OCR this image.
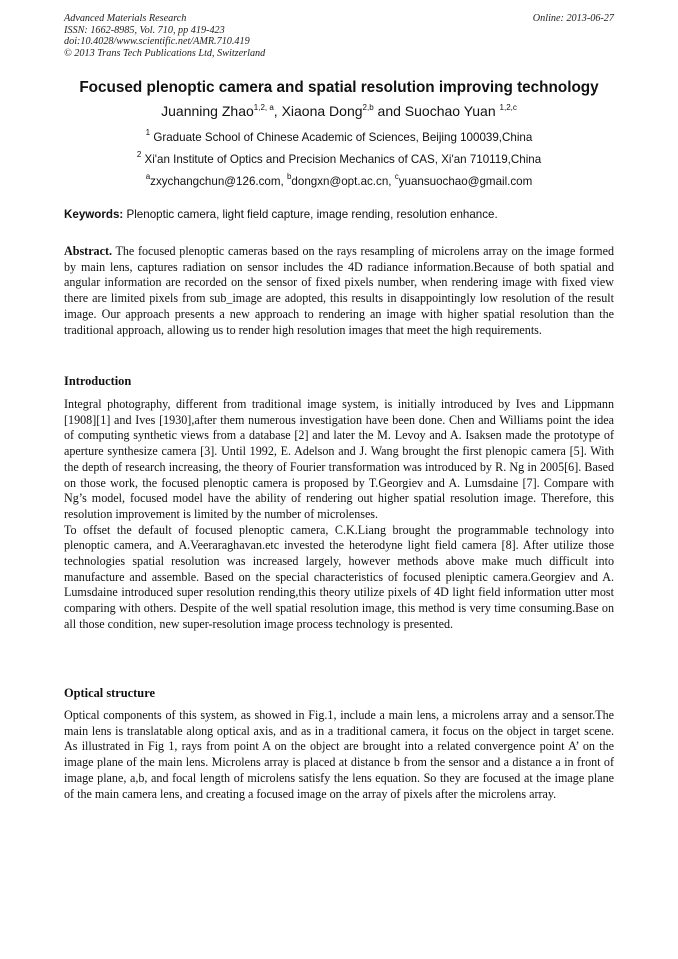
Advanced Materials Research
ISSN: 1662-8985, Vol. 710, pp 419-423
doi:10.4028/www.scientific.net/AMR.710.419
© 2013 Trans Tech Publications Ltd, Switzerland
Online: 2013-06-27
Focused plenoptic camera and spatial resolution improving technology
Juanning Zhao$^{1,2, a}$, Xiaona Dong$^{2,b}$ and Suochao Yuan $^{1,2,c}$
$^1$ Graduate School of Chinese Academic of Sciences, Beijing 100039,China
$^2$ Xi'an Institute of Optics and Precision Mechanics of CAS, Xi'an 710119,China
$^a$zxychangchun@126.com, $^b$dongxn@opt.ac.cn, $^c$yuansuochao@gmail.com
Keywords: Plenoptic camera, light field capture, image rending, resolution enhance.
Abstract. The focused plenoptic cameras based on the rays resampling of microlens array on the image formed by main lens, captures radiation on sensor includes the 4D radiance information.Because of both spatial and angular information are recorded on the sensor of fixed pixels number, when rendering image with fixed view there are limited pixels from sub_image are adopted, this results in disappointingly low resolution of the result image. Our approach presents a new approach to rendering an image with higher spatial resolution than the traditional approach, allowing us to render high resolution images that meet the high requirements.
Introduction

Integral photography, different from traditional image system, is initially introduced by Ives and Lippmann [1908][1] and Ives [1930],after them numerous investigation have been done. Chen and Williams point the idea of computing synthetic views from a database [2] and later the M. Levoy and A. Isaksen made the prototype of aperture synthesize camera [3]. Until 1992, E. Adelson and J. Wang brought the first plenopic camera [5]. With the depth of research increasing, the theory of Fourier transformation was introduced by R. Ng in 2005[6]. Based on those work, the focused plenoptic camera is proposed by T.Georgiev and A. Lumsdaine [7]. Compare with Ng’s model, focused model have the ability of rendering out higher spatial resolution image. Therefore, this resolution improvement is limited by the number of microlenses.

To offset the default of focused plenoptic camera, C.K.Liang brought the programmable technology into plenoptic camera, and A.Veeraraghavan.etc invested the heterodyne light field camera [8]. After utilize those technologies spatial resolution was increased largely, however methods above make much difficult into manufacture and assemble. Based on the special characteristics of focused pleniptic camera.Georgiev and A. Lumsdaine introduced super resolution rending,this theory utilize pixels of 4D light field information utter most comparing with others. Despite of the well spatial resolution image, this method is very time consuming.Base on all those condition, new super-resolution image process technology is presented.

Optical structure

Optical components of this system, as showed in Fig.1, include a main lens, a microlens array and a sensor.The main lens is translatable along optical axis, and as in a traditional camera, it focus on the object in target scene. As illustrated in Fig 1, rays from point A on the object are brought into a related convergence point A’ on the image plane of the main lens. Microlens array is placed at distance b from the sensor and a distance a in front of image plane, a,b, and focal length of microlens satisfy the lens equation. So they are focused at the image plane of the main camera lens, and creating a focused image on the array of pixels after the microlens array.
